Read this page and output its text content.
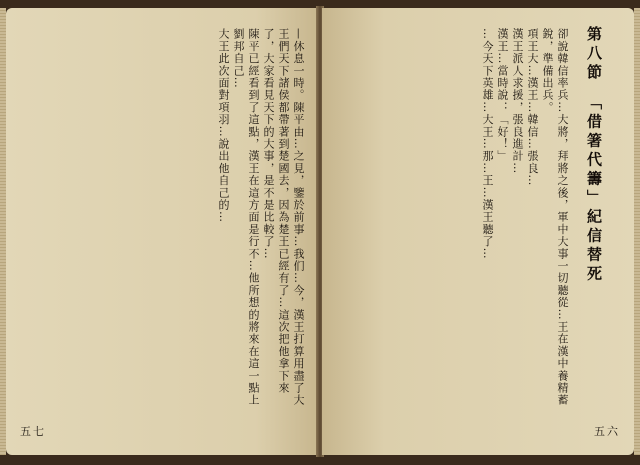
—休息一時。陳平由…之見，鑒於前事…我们…今，漢王打算用盡了大王們天下諸侯都帶著到楚國去，因為楚王已經有了…這次把他拿下來了，大家看見天下的大事，是不是比較了…
陳平已經看到了這點，漢王在這方面是行不…他所想的將來在這一點上劉邦自己…
大王此次面對項羽…說出他自己的…
五七
第八節　「借箸代籌」紀信替死
卻說韓信率兵…大將，拜將之後，軍中大事一切聽從…王在漢中養精蓄銳，準備出兵。
項王大…漢王…韓信…張良…
漢王派人求援，張良進計…
漢王…當時說：「好！」
…今天下英雄…大王…那…王…漢王聽了…
五六
